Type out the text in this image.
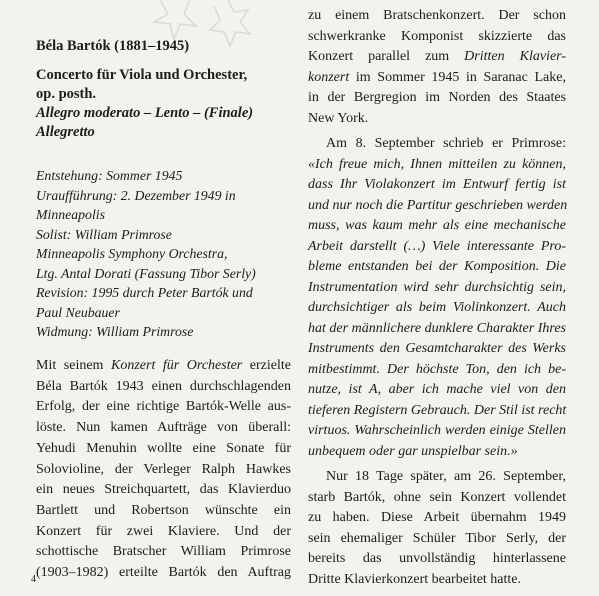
Béla Bartók (1881–1945)
Concerto für Viola und Orchester,
op. posth.
Allegro moderato – Lento – (Finale)
Allegretto
Entstehung: Sommer 1945
Uraufführung: 2. Dezember 1949 in
Minneapolis
Solist: William Primrose
Minneapolis Symphony Orchestra,
Ltg. Antal Dorati (Fassung Tibor Serly)
Revision: 1995 durch Peter Bartók und
Paul Neubauer
Widmung: William Primrose
Mit seinem Konzert für Orchester erzielte
Béla Bartók 1943 einen durchschlagenden
Erfolg, der eine richtige Bartók-Welle aus-
löste. Nun kamen Aufträge von überall:
Yehudi Menuhin wollte eine Sonate für
Solovioline, der Verleger Ralph Hawkes
ein neues Streichquartett, das Klavierduo
Bartlett und Robertson wünschte ein
Konzert für zwei Klaviere. Und der
schottische Bratscher William Primrose
(1903–1982) erteilte Bartók den Auftrag
zu einem Bratschenkonzert. Der schon
schwerkranke Komponist skizzierte das
Konzert parallel zum Dritten Klavier-
konzert im Sommer 1945 in Saranac Lake,
in der Bergregion im Norden des Staates
New York.
Am 8. September schrieb er Primrose:
«Ich freue mich, Ihnen mitteilen zu können,
dass Ihr Violakonzert im Entwurf fertig ist
und nur noch die Partitur geschrieben werden
muss, was kaum mehr als eine mechanische
Arbeit darstellt (…) Viele interessante Pro-
bleme entstanden bei der Komposition. Die
Instrumentation wird sehr durchsichtig sein,
durchsichtiger als beim Violinkonzert. Auch
hat der männlichere dunklere Charakter Ihres
Instruments den Gesamtcharakter des Werks
mitbestimmt. Der höchste Ton, den ich be-
nutze, ist A, aber ich mache viel von den
tieferen Registern Gebrauch. Der Stil ist recht
virtuos. Wahrscheinlich werden einige Stellen
unbequem oder gar unspielbar sein.»
Nur 18 Tage später, am 26. September,
starb Bartók, ohne sein Konzert vollendet
zu haben. Diese Arbeit übernahm 1949
sein ehemaliger Schüler Tibor Serly, der
bereits das unvollständig hinterlassene
Dritte Klavierkonzert bearbeitet hatte.
4
